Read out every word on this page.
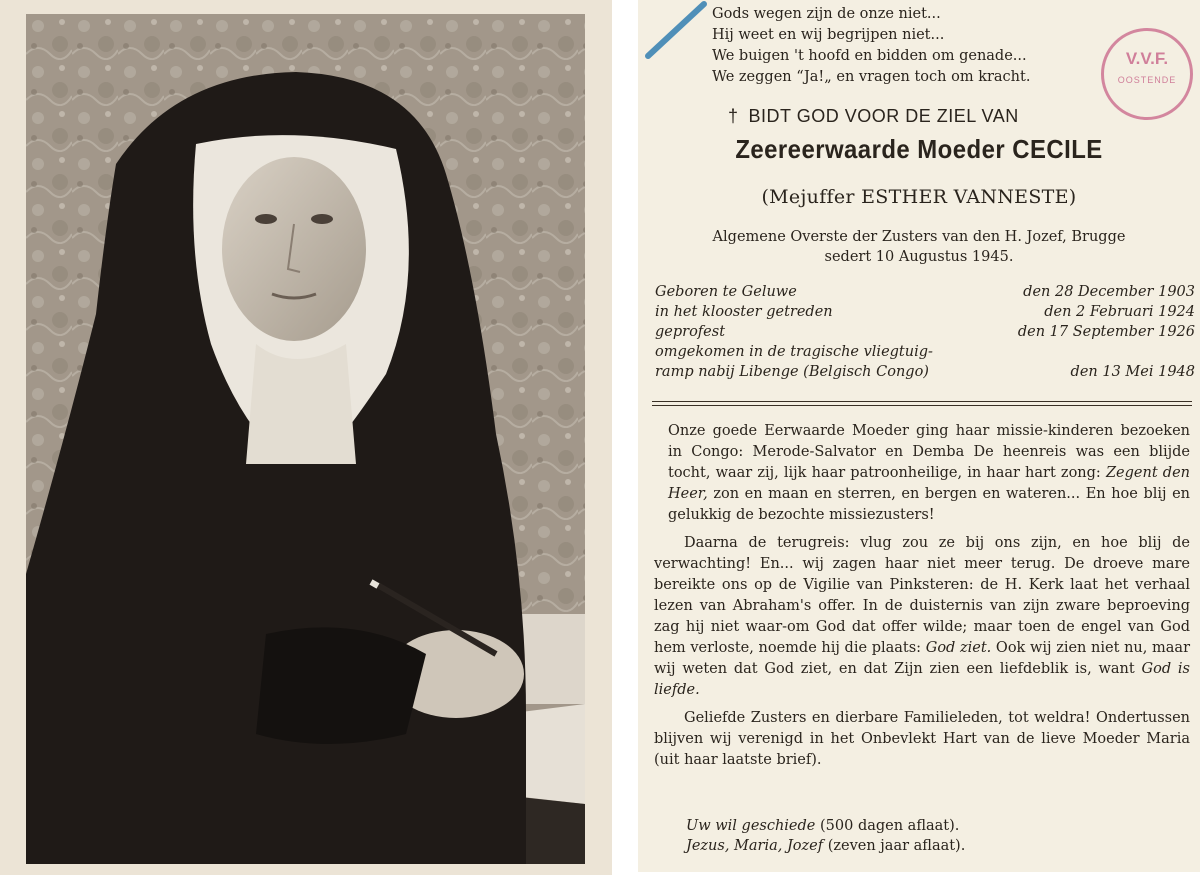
V.V.F.
OOSTENDE
Gods wegen zijn de onze niet...
Hij weet en wij begrijpen niet...
We buigen 't hoofd en bidden om genade...
We zeggen “Ja!„ en vragen toch om kracht.
† BIDT GOD VOOR DE ZIEL VAN
Zeereerwaarde Moeder CECILE
(Mejuffer ESTHER VANNESTE)
Algemene Overste der Zusters van den H. Jozef, Brugge
sedert 10 Augustus 1945.
Geboren te Geluwe	den 28 December 1903
in het klooster getreden	den 2 Februari 1924
geprofest	den 17 September 1926
omgekomen in de tragische vliegtuig-
ramp nabij Libenge (Belgisch Congo)	den 13 Mei 1948

Onze goede Eerwaarde Moeder ging haar missie-kinderen bezoeken in Congo: Merode-Salvator en Demba De heenreis was een blijde tocht, waar zij, lijk haar patroonheilige, in haar hart zong: Zegent den Heer, zon en maan en sterren, en bergen en wateren... En hoe blij en gelukkig de bezochte missiezusters!

Daarna de terugreis: vlug zou ze bij ons zijn, en hoe blij de verwachting! En... wij zagen haar niet meer terug. De droeve mare bereikte ons op de Vigilie van Pinksteren: de H. Kerk laat het verhaal lezen van Abraham's offer. In de duisternis van zijn zware beproeving zag hij niet waar-om God dat offer wilde; maar toen de engel van God hem verloste, noemde hij die plaats: God ziet. Ook wij zien niet nu, maar wij weten dat God ziet, en dat Zijn zien een liefdeblik is, want God is liefde.

Geliefde Zusters en dierbare Familieleden, tot weldra! Ondertussen blijven wij verenigd in het Onbevlekt Hart van de lieve Moeder Maria (uit haar laatste brief).

Uw wil geschiede (500 dagen aflaat).
Jezus, Maria, Jozef (zeven jaar aflaat).
